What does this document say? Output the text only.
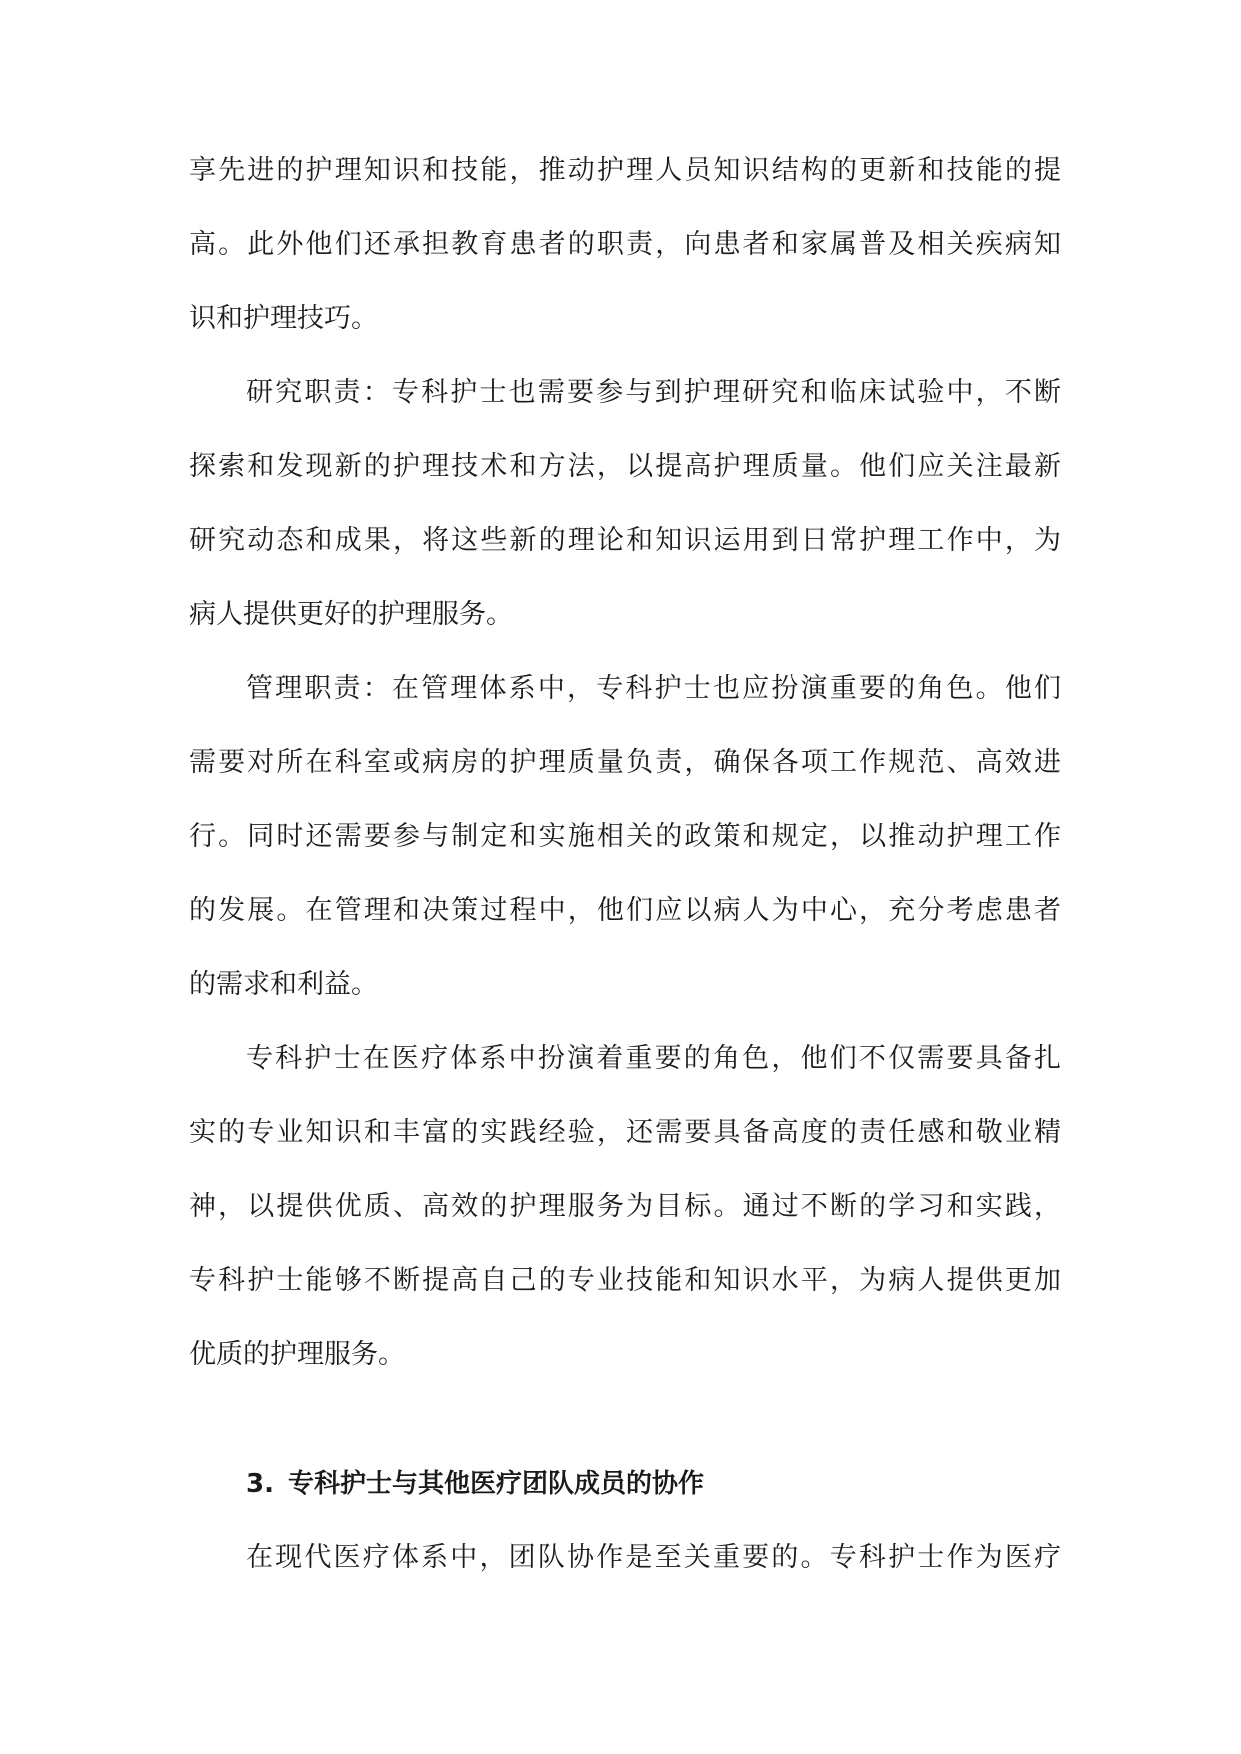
享先进的护理知识和技能，推动护理人员知识结构的更新和技能的提
高。此外他们还承担教育患者的职责，向患者和家属普及相关疾病知
识和护理技巧。
研究职责：专科护士也需要参与到护理研究和临床试验中，不断
探索和发现新的护理技术和方法，以提高护理质量。他们应关注最新
研究动态和成果，将这些新的理论和知识运用到日常护理工作中，为
病人提供更好的护理服务。
管理职责：在管理体系中，专科护士也应扮演重要的角色。他们
需要对所在科室或病房的护理质量负责，确保各项工作规范、高效进
行。同时还需要参与制定和实施相关的政策和规定，以推动护理工作
的发展。在管理和决策过程中，他们应以病人为中心，充分考虑患者
的需求和利益。
专科护士在医疗体系中扮演着重要的角色，他们不仅需要具备扎
实的专业知识和丰富的实践经验，还需要具备高度的责任感和敬业精
神，以提供优质、高效的护理服务为目标。通过不断的学习和实践，
专科护士能够不断提高自己的专业技能和知识水平，为病人提供更加
优质的护理服务。
3. 专科护士与其他医疗团队成员的协作
在现代医疗体系中，团队协作是至关重要的。专科护士作为医疗
